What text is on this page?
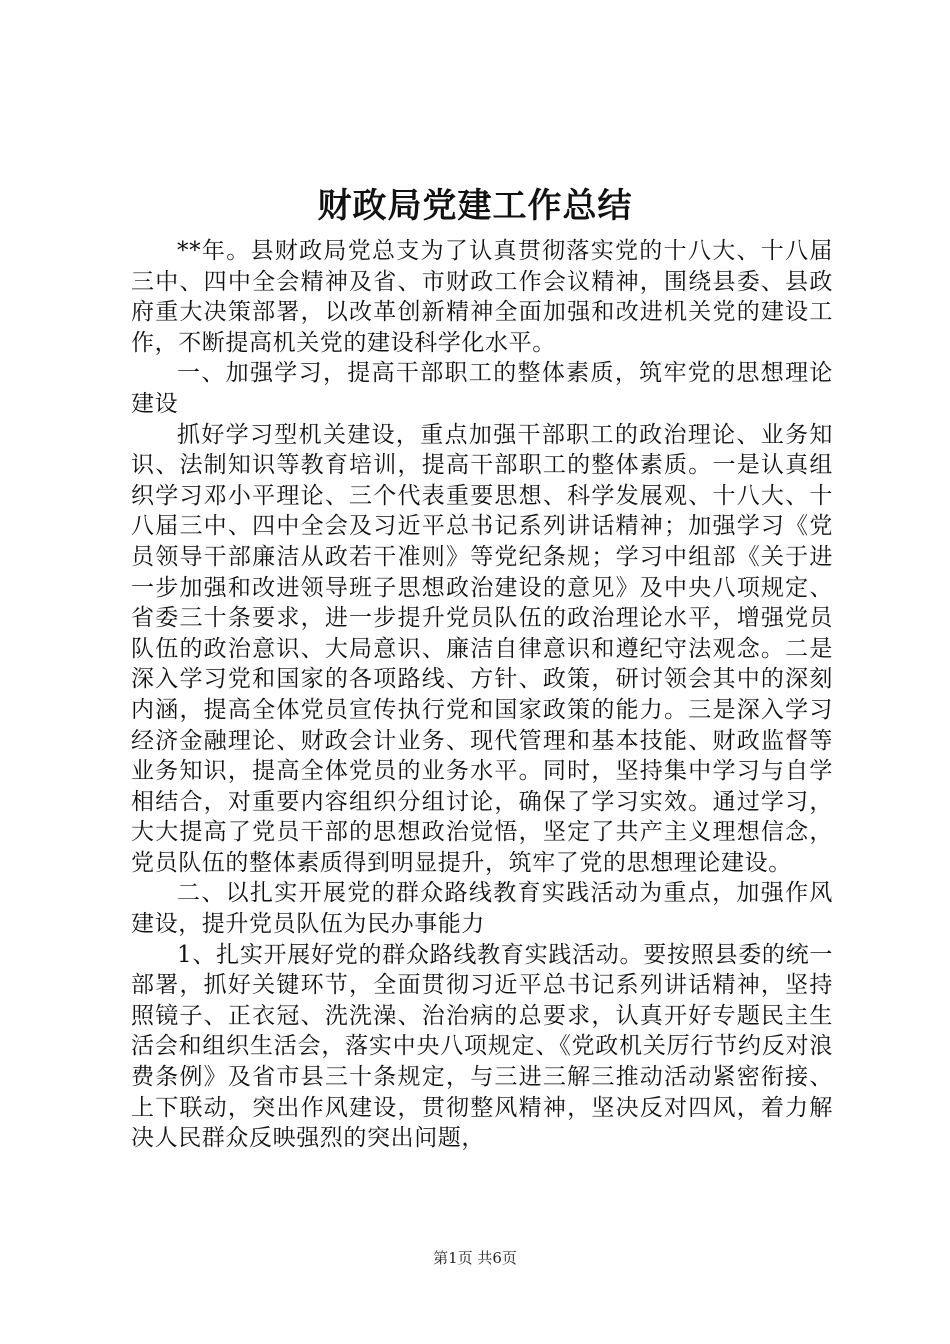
财政局党建工作总结

**年。县财政局党总支为了认真贯彻落实党的十八大、十八届三中、四中全会精神及省、市财政工作会议精神，围绕县委、县政府重大决策部署，以改革创新精神全面加强和改进机关党的建设工作，不断提高机关党的建设科学化水平。

一、加强学习，提高干部职工的整体素质，筑牢党的思想理论建设

抓好学习型机关建设，重点加强干部职工的政治理论、业务知识、法制知识等教育培训，提高干部职工的整体素质。一是认真组织学习邓小平理论、三个代表重要思想、科学发展观、十八大、十八届三中、四中全会及习近平总书记系列讲话精神；加强学习《党员领导干部廉洁从政若干准则》等党纪条规；学习中组部《关于进一步加强和改进领导班子思想政治建设的意见》及中央八项规定、省委三十条要求，进一步提升党员队伍的政治理论水平，增强党员队伍的政治意识、大局意识、廉洁自律意识和遵纪守法观念。二是深入学习党和国家的各项路线、方针、政策，研讨领会其中的深刻内涵，提高全体党员宣传执行党和国家政策的能力。三是深入学习经济金融理论、财政会计业务、现代管理和基本技能、财政监督等业务知识，提高全体党员的业务水平。同时，坚持集中学习与自学相结合，对重要内容组织分组讨论，确保了学习实效。通过学习，大大提高了党员干部的思想政治觉悟，坚定了共产主义理想信念，党员队伍的整体素质得到明显提升，筑牢了党的思想理论建设。

二、以扎实开展党的群众路线教育实践活动为重点，加强作风建设，提升党员队伍为民办事能力

1、扎实开展好党的群众路线教育实践活动。要按照县委的统一部署，抓好关键环节，全面贯彻习近平总书记系列讲话精神，坚持照镜子、正衣冠、洗洗澡、治治病的总要求，认真开好专题民主生活会和组织生活会，落实中央八项规定、《党政机关厉行节约反对浪费条例》及省市县三十条规定，与三进三解三推动活动紧密衔接、上下联动，突出作风建设，贯彻整风精神，坚决反对四风，着力解决人民群众反映强烈的突出问题，

第1页 共6页
